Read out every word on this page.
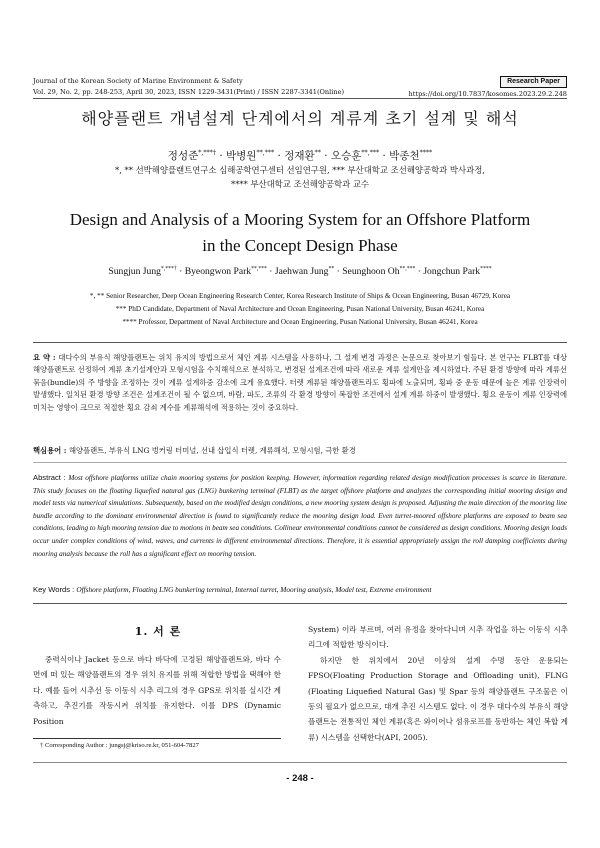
Journal of the Korean Society of Marine Environment & Safety
Vol. 29, No. 2, pp. 248-253, April 30, 2023, ISSN 1229-3431(Print) / ISSN 2287-3341(Online)
Research Paper
https://doi.org/10.7837/kosomes.2023.29.2.248
해양플랜트 개념설계 단계에서의 계류계 초기 설계 및 해석
정성준*,***† · 박병원**,*** · 정재환** · 오승훈**,*** · 박종천****
*, ** 선박해양플랜트연구소 심해공학연구센터 선임연구원, *** 부산대학교 조선해양공학과 박사과정,
**** 부산대학교 조선해양공학과 교수
Design and Analysis of a Mooring System for an Offshore Platform
in the Concept Design Phase
Sungjun Jung*,***† · Byeongwon Park**,*** · Jaehwan Jung** · Seunghoon Oh**,*** · Jongchun Park****
*, ** Senior Researcher, Deep Ocean Engineering Research Center, Korea Research Institute of Ships & Ocean Engineering, Busan 46729, Korea
*** PhD Candidate, Department of Naval Architecture and Ocean Engineering, Pusan National University, Busan 46241, Korea
**** Professor, Department of Naval Architecture and Ocean Engineering, Pusan National University, Busan 46241, Korea
요 약 : 대다수의 부유식 해양플랜트는 위치 유지의 방법으로서 체인 계류 시스템을 사용하나, 그 설계 변경 과정은 논문으로 찾아보기 힘들다. 본 연구는 FLBT를 대상 해양플랜트로 선정하여 계류 초기설계안과 모형시험을 수치해석으로 분석하고, 변경된 설계조건에 따라 새로운 계류 설계안을 제시하였다. 주된 환경 방향에 따라 계류선 묶음(bundle)의 주 방향을 조정하는 것이 계류 설계하중 감소에 크게 유효했다. 터렛 계류된 해양플랜트라도 횡파에 노출되며, 횡파 중 운동 때문에 높은 계류 인장력이 발생했다. 일치된 환경 방향 조건은 설계조건이 될 수 없으며, 바람, 파도, 조류의 각 환경 방향이 복잡한 조건에서 설계 계류 하중이 발생했다. 횡요 운동이 계류 인장력에 미치는 영향이 크므로 적절한 횡요 감쇠 계수를 계류해석에 적용하는 것이 중요하다.
핵심용어 : 해양플랜트, 부유식 LNG 벙커링 터미널, 선내 삽입식 터렛, 계류해석, 모형시험, 극한 환경
Abstract : Most offshore platforms utilize chain mooring systems for position keeping. However, information regarding related design modification processes is scarce in literature. This study focuses on the floating liquefied natural gas (LNG) bunkering terminal (FLBT) as the target offshore platform and analyzes the corresponding initial mooring design and model tests via numerical simulations. Subsequently, based on the modified design conditions, a new mooring system design is proposed. Adjusting the main direction of the mooring line bundle according to the dominant environmental direction is found to significantly reduce the mooring design load. Even turret-moored offshore platforms are exposed to beam sea conditions, leading to high mooring tension due to motions in beam sea conditions. Collinear environmental conditions cannot be considered as design conditions. Mooring design loads occur under complex conditions of wind, waves, and currents in different environmental directions. Therefore, it is essential appropriately assign the roll damping coefficients during mooring analysis because the roll has a significant effect on mooring tension.
Key Words : Offshore platform, Floating LNG bunkering terminal, Internal turret, Mooring analysis, Model test, Extreme environment
1. 서 론
중력식이나 Jacket 등으로 바다 바닥에 고정된 해양플랜트와, 바다 수면에 떠 있는 해양플랜트의 경우 위치 유지를 위해 적합한 방법을 택해야 한다. 예를 들어 시추선 등 이동식 시추 리그의 경우 GPS로 위치를 실시간 계측하고, 추진기를 작동시켜 위치를 유지한다. 이를 DPS (Dynamic Position

System) 이라 부르며, 여러 유정을 찾아다니며 시추 작업을 하는 이동식 시추 리그에 적합한 방식이다.

하지만 한 위치에서 20년 이상의 설계 수명 동안 운용되는 FPSO(Floating Production Storage and Offloading unit), FLNG (Floating Liquefied Natural Gas) 및 Spar 등의 해양플랜트 구조물은 이동의 필요가 없으므로, 대개 추진 시스템도 없다. 이 경우 대다수의 부유식 해양플랜트는 전통적인 체인 계류(혹은 와이어나 섬유로프를 동반하는 체인 복합 계류) 시스템을 선택한다(API, 2005).

† Corresponding Author : jungsj@kriso.re.kr, 051-604-7827
- 248 -
